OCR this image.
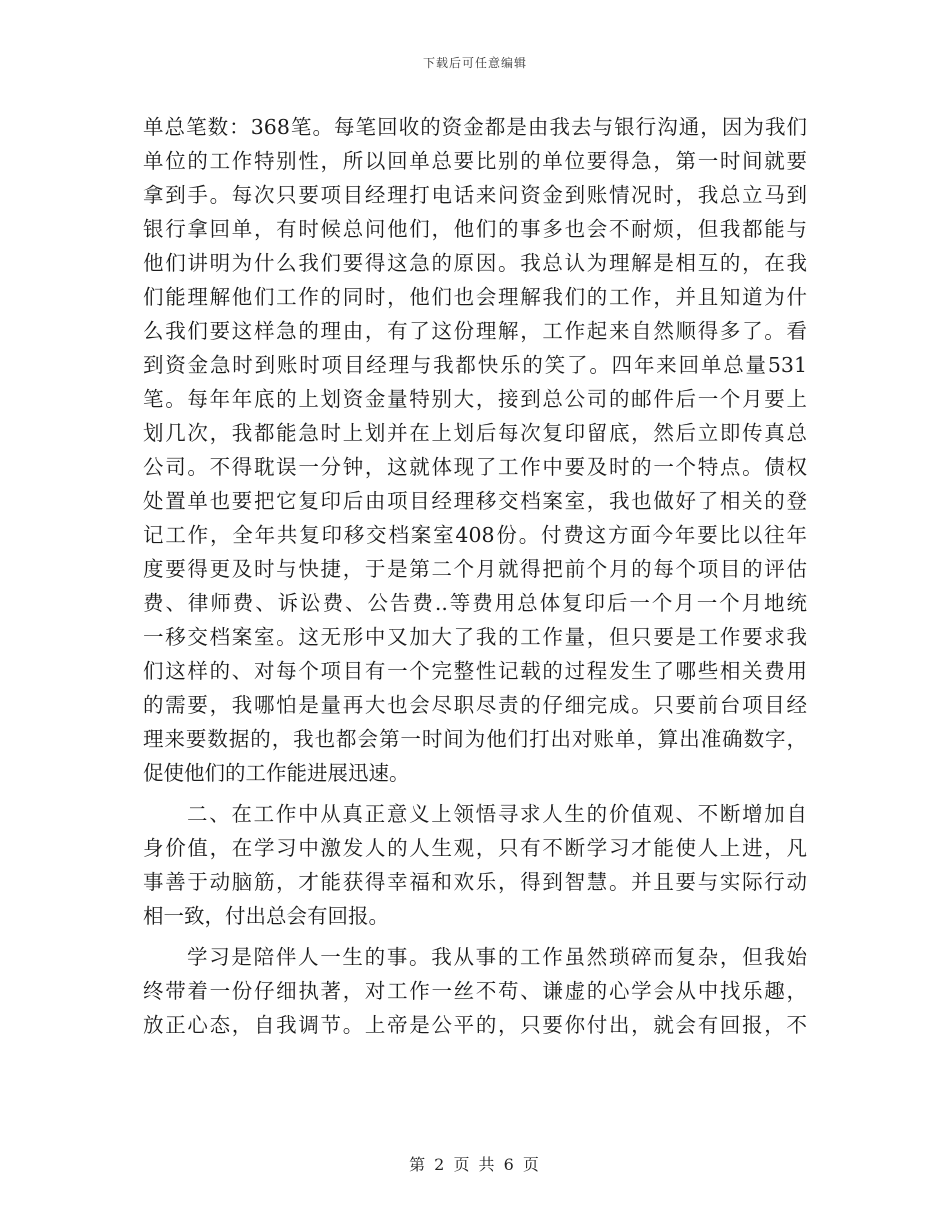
下载后可任意编辑
单总笔数：368笔。每笔回收的资金都是由我去与银行沟通，因为我们
单位的工作特别性，所以回单总要比别的单位要得急，第一时间就要
拿到手。每次只要项目经理打电话来问资金到账情况时，我总立马到
银行拿回单，有时候总问他们，他们的事多也会不耐烦，但我都能与
他们讲明为什么我们要得这急的原因。我总认为理解是相互的，在我
们能理解他们工作的同时，他们也会理解我们的工作，并且知道为什
么我们要这样急的理由，有了这份理解，工作起来自然顺得多了。看
到资金急时到账时项目经理与我都快乐的笑了。四年来回单总量531
笔。每年年底的上划资金量特别大，接到总公司的邮件后一个月要上
划几次，我都能急时上划并在上划后每次复印留底，然后立即传真总
公司。不得耽误一分钟，这就体现了工作中要及时的一个特点。债权
处置单也要把它复印后由项目经理移交档案室，我也做好了相关的登
记工作，全年共复印移交档案室408份。付费这方面今年要比以往年
度要得更及时与快捷，于是第二个月就得把前个月的每个项目的评估
费、律师费、诉讼费、公告费..等费用总体复印后一个月一个月地统
一移交档案室。这无形中又加大了我的工作量，但只要是工作要求我
们这样的、对每个项目有一个完整性记载的过程发生了哪些相关费用
的需要，我哪怕是量再大也会尽职尽责的仔细完成。只要前台项目经
理来要数据的，我也都会第一时间为他们打出对账单，算出准确数字，
促使他们的工作能进展迅速。
二、在工作中从真正意义上领悟寻求人生的价值观、不断增加自
身价值，在学习中激发人的人生观，只有不断学习才能使人上进，凡
事善于动脑筋，才能获得幸福和欢乐，得到智慧。并且要与实际行动
相一致，付出总会有回报。
学习是陪伴人一生的事。我从事的工作虽然琐碎而复杂，但我始
终带着一份仔细执著，对工作一丝不苟、谦虚的心学会从中找乐趣，
放正心态，自我调节。上帝是公平的，只要你付出，就会有回报，不
第 2 页 共 6 页
